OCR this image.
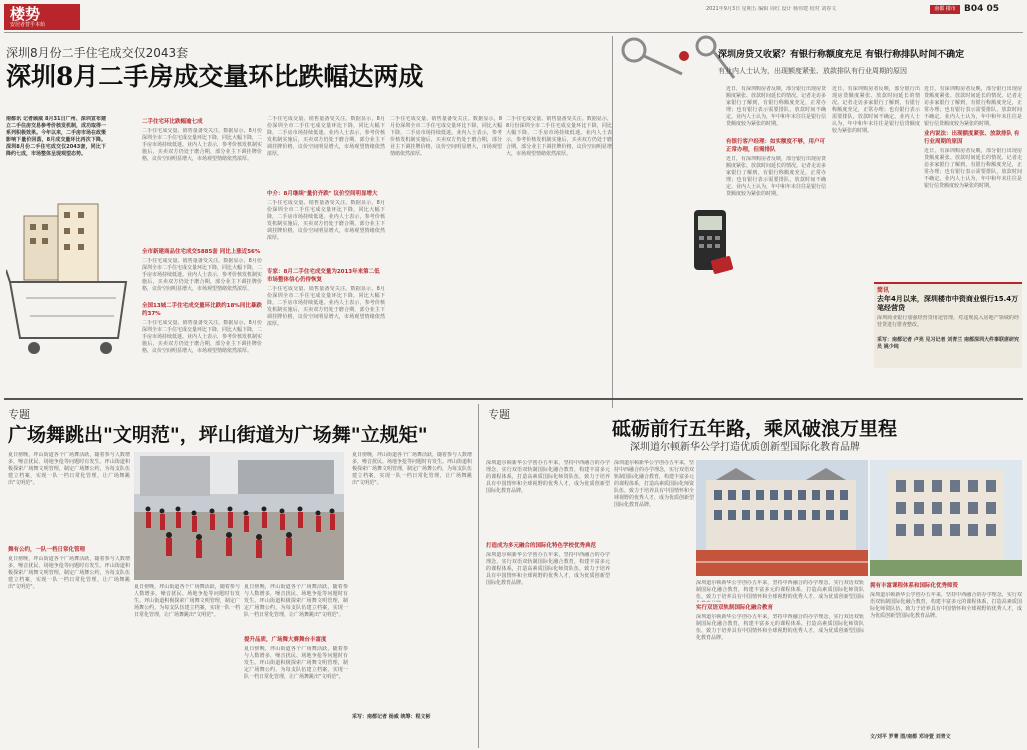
楼势
安居者替乎本始
2021年9月3日 星期五 编辑 周红 设计 杨伟建 校对 刘春文	南都 楼市 B04 05
深圳8月份二手住宅成交仅2043套
深圳8月二手房成交量环比跌幅达两成
南都讯 记者顾威 8月31日广州、深圳宣布建立二手住房交易参考价核发机制，成功取得一系列积极效果。今年以来，二手房市场在政策影响下量价回落，8月成交量环比再次下降。深圳8月份二手住宅成交仅2043套，同比下降约七成，市场整体呈现观望态势。
二手住宅环比跌幅逾七成
二手住宅成交量、销售量备受关注。数据显示，8月份深圳全市二手住宅成交量环比下降，同比大幅下降，二手房市场持续低迷。业内人士表示，参考价核发机制实施后，买卖双方仍处于磨合期，部分业主下调挂牌价格，议价空间明显增大，市场观望情绪依然浓厚。
全市新建商品住宅成交5885套 同比上涨近56%
二手住宅成交量、销售量备受关注。数据显示，8月份深圳全市二手住宅成交量环比下降，同比大幅下降，二手房市场持续低迷。业内人士表示，参考价核发机制实施后，买卖双方仍处于磨合期，部分业主下调挂牌价格，议价空间明显增大，市场观望情绪依然浓厚。
全国13城二手住宅成交量环比跌约18%同比暴跌约37%
二手住宅成交量、销售量备受关注。数据显示，8月份深圳全市二手住宅成交量环比下降，同比大幅下降，二手房市场持续低迷。业内人士表示，参考价核发机制实施后，买卖双方仍处于磨合期，部分业主下调挂牌价格，议价空间明显增大，市场观望情绪依然浓厚。
二手住宅成交量、销售量备受关注。数据显示，8月份深圳全市二手住宅成交量环比下降，同比大幅下降，二手房市场持续低迷。业内人士表示，参考价核发机制实施后，买卖双方仍处于磨合期，部分业主下调挂牌价格，议价空间明显增大，市场观望情绪依然浓厚。
中介：8月继续"量价齐跌" 议价空间明显增大
二手住宅成交量、销售量备受关注。数据显示，8月份深圳全市二手住宅成交量环比下降，同比大幅下降，二手房市场持续低迷。业内人士表示，参考价核发机制实施后，买卖双方仍处于磨合期，部分业主下调挂牌价格，议价空间明显增大，市场观望情绪依然浓厚。
专家：8月二手住宅成交量为2013年来第二低市场整体信心仍待恢复
二手住宅成交量、销售量备受关注。数据显示，8月份深圳全市二手住宅成交量环比下降，同比大幅下降，二手房市场持续低迷。业内人士表示，参考价核发机制实施后，买卖双方仍处于磨合期，部分业主下调挂牌价格，议价空间明显增大，市场观望情绪依然浓厚。
二手住宅成交量、销售量备受关注。数据显示，8月份深圳全市二手住宅成交量环比下降，同比大幅下降，二手房市场持续低迷。业内人士表示，参考价核发机制实施后，买卖双方仍处于磨合期，部分业主下调挂牌价格，议价空间明显增大，市场观望情绪依然浓厚。
二手住宅成交量、销售量备受关注。数据显示，8月份深圳全市二手住宅成交量环比下降，同比大幅下降，二手房市场持续低迷。业内人士表示，参考价核发机制实施后，买卖双方仍处于磨合期，部分业主下调挂牌价格，议价空间明显增大，市场观望情绪依然浓厚。
深圳房贷又收紧？有银行称额度充足 有银行称排队时间不确定
有业内人士认为，出现额度紧张、放款排队有行业周期的原因
近日，有深圳购房者反映，部分银行出现房贷额度紧张、放款时间延长的情况。记者走访多家银行了解到，有银行称额度充足，正常办理；也有银行表示需要排队，放款时间不确定。业内人士认为，年中和年末往往是银行信贷额度较为紧张的时期。
有银行客户经理：如实额度不够，用户可正常办理，但需排队
近日，有深圳购房者反映，部分银行出现房贷额度紧张、放款时间延长的情况。记者走访多家银行了解到，有银行称额度充足，正常办理；也有银行表示需要排队，放款时间不确定。业内人士认为，年中和年末往往是银行信贷额度较为紧张的时期。
近日，有深圳购房者反映，部分银行出现房贷额度紧张、放款时间延长的情况。记者走访多家银行了解到，有银行称额度充足，正常办理；也有银行表示需要排队，放款时间不确定。业内人士认为，年中和年末往往是银行信贷额度较为紧张的时期。
近日，有深圳购房者反映，部分银行出现房贷额度紧张、放款时间延长的情况。记者走访多家银行了解到，有银行称额度充足，正常办理；也有银行表示需要排队，放款时间不确定。业内人士认为，年中和年末往往是银行信贷额度较为紧张的时期。
业内说法：出现额度紧张、放款排队 有行业周期的原因
近日，有深圳购房者反映，部分银行出现房贷额度紧张、放款时间延长的情况。记者走访多家银行了解到，有银行称额度充足，正常办理；也有银行表示需要排队，放款时间不确定。业内人士认为，年中和年末往往是银行信贷额度较为紧张的时期。
简讯
去年4月以来，深圳楼市中资商业银行15.4万笔经营贷
深圳商业银行加强经营贷用途管理，对违规流入房地产领域的经营贷进行排查整改。
采写：南都记者 卢亮 见习记者 刘青兰 南都深圳大件事联席研究员 姚少纯
专题
广场舞跳出"文明范"，坪山街道为广场舞"立规矩"
夏日傍晚，坪山街道各个广场舞活跃，随着参与人数增多，噪音扰民、场地争抢等问题时有发生。坪山街道积极探索广场舞文明管理，制定广场舞公约，为每支队伍建立档案，实现一队一档日常化管理，让广场舞跳出"文明范"。
舞有公约，一队一档日常化管理
夏日傍晚，坪山街道各个广场舞活跃，随着参与人数增多，噪音扰民、场地争抢等问题时有发生。坪山街道积极探索广场舞文明管理，制定广场舞公约，为每支队伍建立档案，实现一队一档日常化管理，让广场舞跳出"文明范"。	夏日傍晚，坪山街道各个广场舞活跃，随着参与人数增多，噪音扰民、场地争抢等问题时有发生。坪山街道积极探索广场舞文明管理，制定广场舞公约，为每支队伍建立档案，实现一队一档日常化管理，让广场舞跳出"文明范"。
夏日傍晚，坪山街道各个广场舞活跃，随着参与人数增多，噪音扰民、场地争抢等问题时有发生。坪山街道积极探索广场舞文明管理，制定广场舞公约，为每支队伍建立档案，实现一队一档日常化管理，让广场舞跳出"文明范"。
提升品质，广场舞大赛舞台丰富度
夏日傍晚，坪山街道各个广场舞活跃，随着参与人数增多，噪音扰民、场地争抢等问题时有发生。坪山街道积极探索广场舞文明管理，制定广场舞公约，为每支队伍建立档案，实现一队一档日常化管理，让广场舞跳出"文明范"。
夏日傍晚，坪山街道各个广场舞活跃，随着参与人数增多，噪音扰民、场地争抢等问题时有发生。坪山街道积极探索广场舞文明管理，制定广场舞公约，为每支队伍建立档案，实现一队一档日常化管理，让广场舞跳出"文明范"。
采写：南都记者 杨威 统筹：程文彬
专题
砥砺前行五年路，乘风破浪万里程
深圳道尔顿新华公学打造优质创新型国际化教育品牌
深圳道尔顿新华公学创办五年来，坚持中西融合的办学理念，实行双语双轨制国际化融合教育，构建丰富多元的课程体系，打造高素质国际化师资队伍，致力于培养具有中国情怀和全球视野的优秀人才，成为优质创新型国际化教育品牌。
打造成为多元融合的国际化特色学校优秀典范
深圳道尔顿新华公学创办五年来，坚持中西融合的办学理念，实行双语双轨制国际化融合教育，构建丰富多元的课程体系，打造高素质国际化师资队伍，致力于培养具有中国情怀和全球视野的优秀人才，成为优质创新型国际化教育品牌。
深圳道尔顿新华公学创办五年来，坚持中西融合的办学理念，实行双语双轨制国际化融合教育，构建丰富多元的课程体系，打造高素质国际化师资队伍，致力于培养具有中国情怀和全球视野的优秀人才，成为优质创新型国际化教育品牌。
深圳道尔顿新华公学创办五年来，坚持中西融合的办学理念，实行双语双轨制国际化融合教育，构建丰富多元的课程体系，打造高素质国际化师资队伍，致力于培养具有中国情怀和全球视野的优秀人才，成为优质创新型国际
实行双语双轨制国际化融合教育
深圳道尔顿新华公学创办五年来，坚持中西融合的办学理念，实行双语双轨制国际化融合教育，构建丰富多元的课程体系，打造高素质国际化师资队伍，致力于培养具有中国情怀和全球视野的优秀人才，成为优质创新型国际化教育品牌。
拥有丰富课程体系和国际化优秀师资
深圳道尔顿新华公学创办五年来，坚持中西融合的办学理念，实行双语双轨制国际化融合教育，构建丰富多元的课程体系，打造高素质国际化师资队伍，致力于培养具有中国情怀和全球视野的优秀人才，成为优质创新型国际化教育品牌。
文/刘平 罗菁 图/南都 邓诗萱 刘青文
